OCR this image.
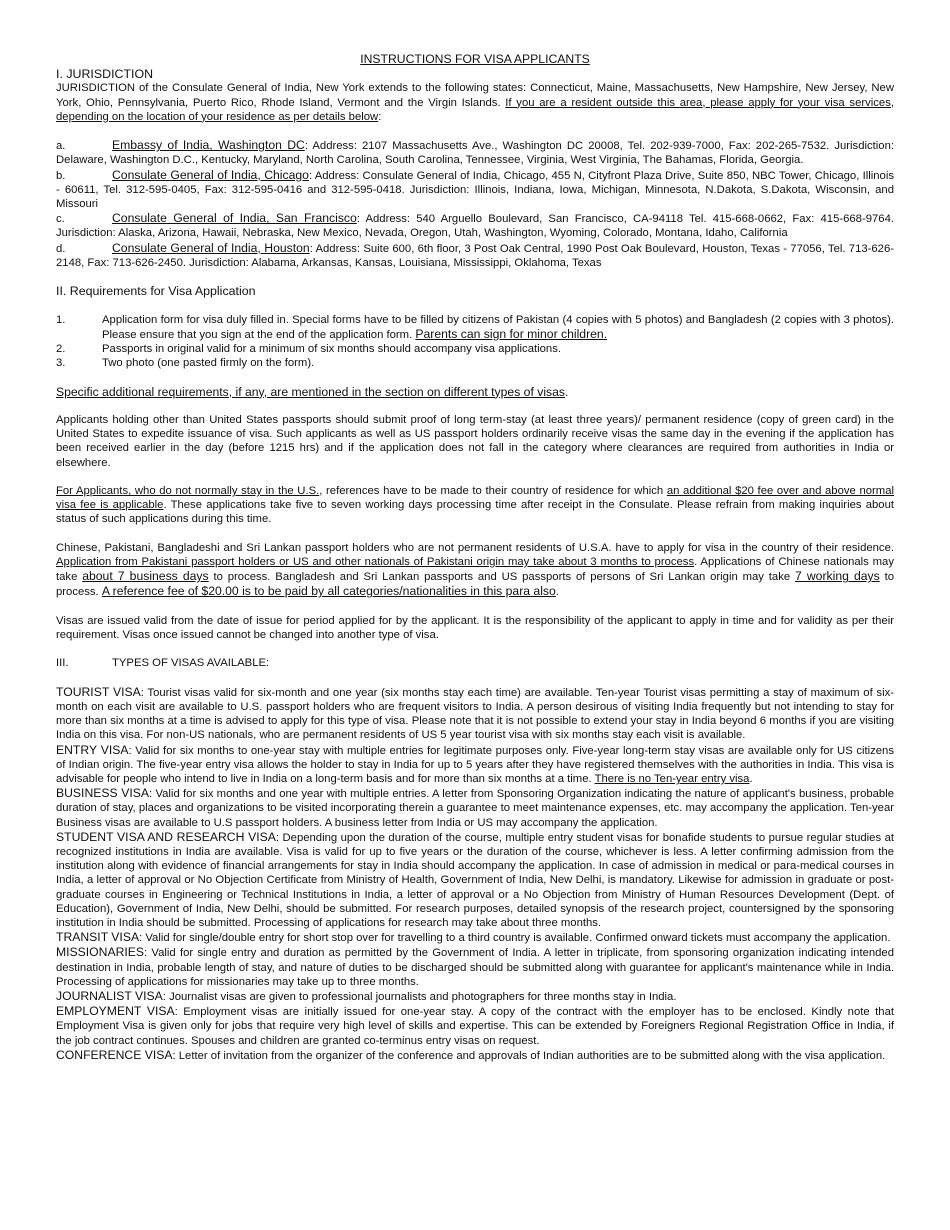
INSTRUCTIONS FOR VISA APPLICANTS

I. JURISDICTION

JURISDICTION of the Consulate General of India, New York extends to the following states: Connecticut, Maine, Massachusetts, New Hampshire, New Jersey, New York, Ohio, Pennsylvania, Puerto Rico, Rhode Island, Vermont and the Virgin Islands. If you are a resident outside this area, please apply for your visa services, depending on the location of your residence as per details below:

a.	Embassy of India, Washington DC: Address: 2107 Massachusetts Ave., Washington DC 20008, Tel. 202-939-7000, Fax: 202-265-7532. Jurisdiction: Delaware, Washington D.C., Kentucky, Maryland, North Carolina, South Carolina, Tennessee, Virginia, West Virginia, The Bahamas, Florida, Georgia.

b.	Consulate General of India, Chicago: Address: Consulate General of India, Chicago, 455 N, Cityfront Plaza Drive, Suite 850, NBC Tower, Chicago, Illinois - 60611, Tel. 312-595-0405, Fax: 312-595-0416 and 312-595-0418. Jurisdiction: Illinois, Indiana, Iowa, Michigan, Minnesota, N.Dakota, S.Dakota, Wisconsin, and Missouri

c.	Consulate General of India, San Francisco: Address: 540 Arguello Boulevard, San Francisco, CA-94118 Tel. 415-668-0662, Fax: 415-668-9764. Jurisdiction: Alaska, Arizona, Hawaii, Nebraska, New Mexico, Nevada, Oregon, Utah, Washington, Wyoming, Colorado, Montana, Idaho, California

d.	Consulate General of India, Houston: Address: Suite 600, 6th floor, 3 Post Oak Central, 1990 Post Oak Boulevard, Houston, Texas - 77056, Tel. 713-626-2148, Fax: 713-626-2450. Jurisdiction: Alabama, Arkansas, Kansas, Louisiana, Mississippi, Oklahoma, Texas

II. Requirements for Visa Application

1.	Application form for visa duly filled in. Special forms have to be filled by citizens of Pakistan (4 copies with 5 photos) and Bangladesh (2 copies with 3 photos). Please ensure that you sign at the end of the application form. Parents can sign for minor children.
2.	Passports in original valid for a minimum of six months should accompany visa applications.
3.	Two photo (one pasted firmly on the form).

Specific additional requirements, if any, are mentioned in the section on different types of visas.

Applicants holding other than United States passports should submit proof of long term-stay (at least three years)/ permanent residence (copy of green card) in the United States to expedite issuance of visa. Such applicants as well as US passport holders ordinarily receive visas the same day in the evening if the application has been received earlier in the day (before 1215 hrs) and if the application does not fall in the category where clearances are required from authorities in India or elsewhere.

For Applicants, who do not normally stay in the U.S., references have to be made to their country of residence for which an additional $20 fee over and above normal visa fee is applicable. These applications take five to seven working days processing time after receipt in the Consulate. Please refrain from making inquiries about status of such applications during this time.

Chinese, Pakistani, Bangladeshi and Sri Lankan passport holders who are not permanent residents of U.S.A. have to apply for visa in the country of their residence. Application from Pakistani passport holders or US and other nationals of Pakistani origin may take about 3 months to process. Applications of Chinese nationals may take about 7 business days to process. Bangladesh and Sri Lankan passports and US passports of persons of Sri Lankan origin may take 7 working days to process. A reference fee of $20.00 is to be paid by all categories/nationalities in this para also.

Visas are issued valid from the date of issue for period applied for by the applicant. It is the responsibility of the applicant to apply in time and for validity as per their requirement. Visas once issued cannot be changed into another type of visa.

III.	TYPES OF VISAS AVAILABLE:

TOURIST VISA: Tourist visas valid for six-month and one year (six months stay each time) are available. Ten-year Tourist visas permitting a stay of maximum of six-month on each visit are available to U.S. passport holders who are frequent visitors to India. A person desirous of visiting India frequently but not intending to stay for more than six months at a time is advised to apply for this type of visa. Please note that it is not possible to extend your stay in India beyond 6 months if you are visiting India on this visa. For non-US nationals, who are permanent residents of US 5 year tourist visa with six months stay each visit is available.

ENTRY VISA: Valid for six months to one-year stay with multiple entries for legitimate purposes only. Five-year long-term stay visas are available only for US citizens of Indian origin. The five-year entry visa allows the holder to stay in India for up to 5 years after they have registered themselves with the authorities in India. This visa is advisable for people who intend to live in India on a long-term basis and for more than six months at a time. There is no Ten-year entry visa.

BUSINESS VISA: Valid for six months and one year with multiple entries. A letter from Sponsoring Organization indicating the nature of applicant's business, probable duration of stay, places and organizations to be visited incorporating therein a guarantee to meet maintenance expenses, etc. may accompany the application. Ten-year Business visas are available to U.S passport holders. A business letter from India or US may accompany the application.

STUDENT VISA AND RESEARCH VISA: Depending upon the duration of the course, multiple entry student visas for bonafide students to pursue regular studies at recognized institutions in India are available. Visa is valid for up to five years or the duration of the course, whichever is less. A letter confirming admission from the institution along with evidence of financial arrangements for stay in India should accompany the application. In case of admission in medical or para-medical courses in India, a letter of approval or No Objection Certificate from Ministry of Health, Government of India, New Delhi, is mandatory. Likewise for admission in graduate or post-graduate courses in Engineering or Technical Institutions in India, a letter of approval or a No Objection from Ministry of Human Resources Development (Dept. of Education), Government of India, New Delhi, should be submitted. For research purposes, detailed synopsis of the research project, countersigned by the sponsoring institution in India should be submitted. Processing of applications for research may take about three months.

TRANSIT VISA: Valid for single/double entry for short stop over for travelling to a third country is available. Confirmed onward tickets must accompany the application.

MISSIONARIES: Valid for single entry and duration as permitted by the Government of India. A letter in triplicate, from sponsoring organization indicating intended destination in India, probable length of stay, and nature of duties to be discharged should be submitted along with guarantee for applicant's maintenance while in India. Processing of applications for missionaries may take up to three months.

JOURNALIST VISA: Journalist visas are given to professional journalists and photographers for three months stay in India.

EMPLOYMENT VISA: Employment visas are initially issued for one-year stay. A copy of the contract with the employer has to be enclosed. Kindly note that Employment Visa is given only for jobs that require very high level of skills and expertise. This can be extended by Foreigners Regional Registration Office in India, if the job contract continues. Spouses and children are granted co-terminus entry visas on request.

CONFERENCE VISA: Letter of invitation from the organizer of the conference and approvals of Indian authorities are to be submitted along with the visa application.
